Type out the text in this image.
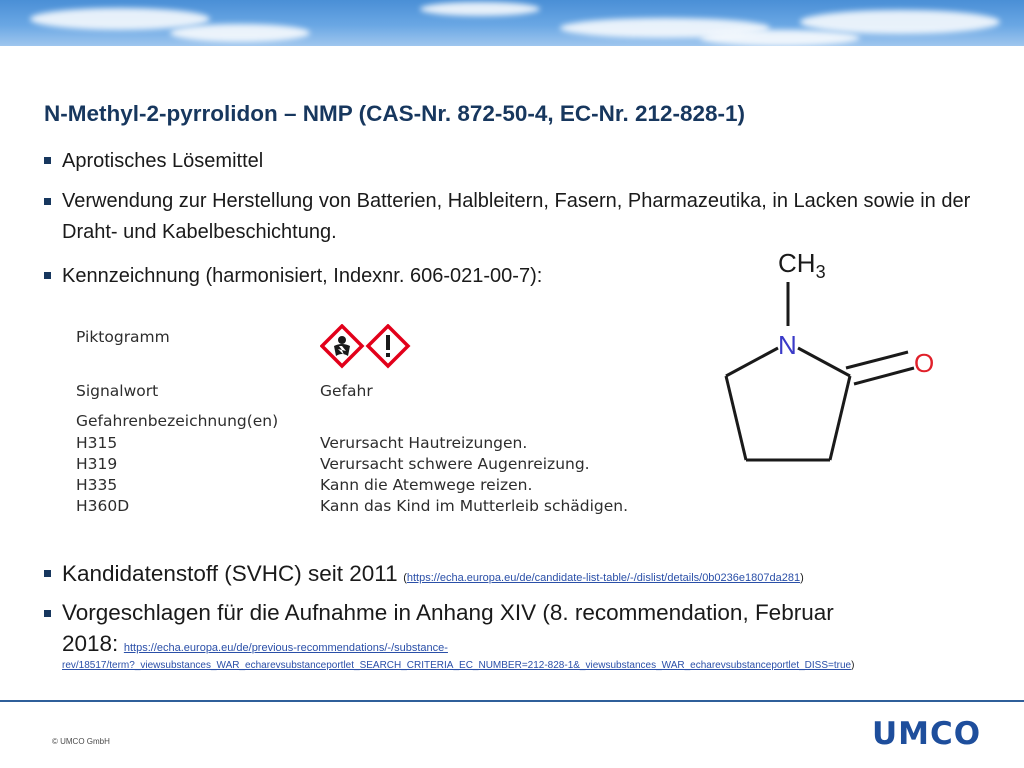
N-Methyl-2-pyrrolidon – NMP (CAS-Nr. 872-50-4, EC-Nr. 212-828-1)
Aprotisches Lösemittel
Verwendung zur Herstellung von Batterien, Halbleitern, Fasern, Pharmazeutika, in Lacken sowie in der Draht- und Kabelbeschichtung.
Kennzeichnung (harmonisiert, Indexnr. 606-021-00-7):
Piktogramm
Signalwort	Gefahr
Gefahrenbezeichnung(en)
H315	Verursacht Hautreizungen.
H319	Verursacht schwere Augenreizung.
H335	Kann die Atemwege reizen.
H360D	Kann das Kind im Mutterleib schädigen.
$CH_3$
N
O
Kandidatenstoff (SVHC) seit 2011 (https://echa.europa.eu/de/candidate-list-table/-/dislist/details/0b0236e1807da281)
Vorgeschlagen für die Aufnahme in Anhang XIV (8. recommendation, Februar
2018: https://echa.europa.eu/de/previous-recommendations/-/substance-

rev/18517/term?_viewsubstances_WAR_echarevsubstanceportlet_SEARCH_CRITERIA_EC_NUMBER=212-828-1&_viewsubstances_WAR_echarevsubstanceportlet_DISS=true)
© UMCO GmbH	UMCO
